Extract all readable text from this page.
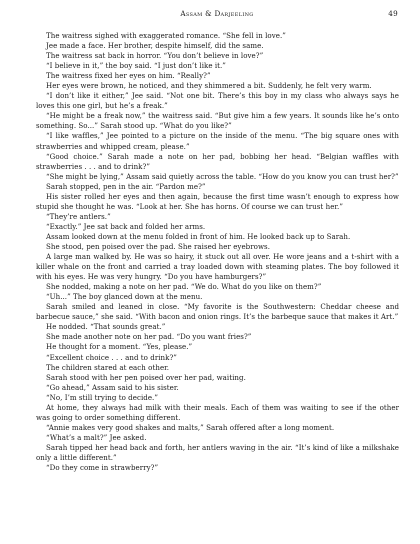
Assam & Darjeeling	49

The waitress sighed with exaggerated romance. “She fell in love.”

Jee made a face. Her brother, despite himself, did the same.

The waitress sat back in horror. “You don’t believe in love?”

“I believe in it,” the boy said. “I just don’t like it.”

The waitress fixed her eyes on him. “Really?”

Her eyes were brown, he noticed, and they shimmered a bit. Suddenly, he felt very warm.

“I don’t like it either,” Jee said. “Not one bit. There’s this boy in my class who always says he loves this one girl, but he’s a freak.”

“He might be a freak now,” the waitress said. “But give him a few years. It sounds like he’s onto something. So...” Sarah stood up. “What do you like?”

“I like waffles,” Jee pointed to a picture on the inside of the menu. “The big square ones with strawberries and whipped cream, please.”

“Good choice.” Sarah made a note on her pad, bobbing her head. “Belgian waffles with strawberries . . . and to drink?”

“She might be lying,” Assam said quietly across the table. “How do you know you can trust her?”

Sarah stopped, pen in the air. “Pardon me?”

His sister rolled her eyes and then again, because the first time wasn’t enough to express how stupid she thought he was. “Look at her. She has horns. Of course we can trust her.”

“They’re antlers.”

“Exactly.” Jee sat back and folded her arms.

Assam looked down at the menu folded in front of him. He looked back up to Sarah.

She stood, pen poised over the pad. She raised her eyebrows.

A large man walked by. He was so hairy, it stuck out all over. He wore jeans and a t-shirt with a killer whale on the front and carried a tray loaded down with steaming plates. The boy followed it with his eyes. He was very hungry. “Do you have hamburgers?”

She nodded, making a note on her pad. “We do. What do you like on them?”

“Uh...” The boy glanced down at the menu.

Sarah smiled and leaned in close. “My favorite is the Southwestern: Cheddar cheese and barbecue sauce,” she said. “With bacon and onion rings. It’s the barbeque sauce that makes it Art.”

He nodded. “That sounds great.”

She made another note on her pad. “Do you want fries?”

He thought for a moment. “Yes, please.”

“Excellent choice . . . and to drink?”

The children stared at each other.

Sarah stood with her pen poised over her pad, waiting.

“Go ahead,” Assam said to his sister.

“No, I’m still trying to decide.”

At home, they always had milk with their meals. Each of them was waiting to see if the other was going to order something different.

“Annie makes very good shakes and malts,” Sarah offered after a long moment.

“What’s a malt?” Jee asked.

Sarah tipped her head back and forth, her antlers waving in the air. “It’s kind of like a milkshake only a little different.”

“Do they come in strawberry?”
